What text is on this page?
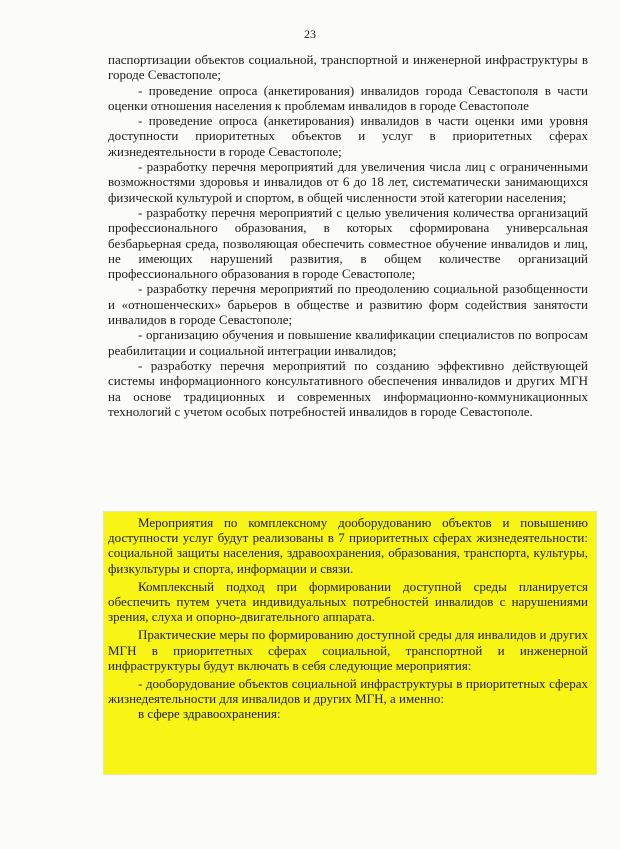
23

паспортизации объектов социальной, транспортной и инженерной инфраструктуры в городе Севастополе;

- проведение опроса (анкетирования) инвалидов города Севастополя в части оценки отношения населения к проблемам инвалидов в городе Севастополе

- проведение опроса (анкетирования) инвалидов в части оценки ими уровня доступности приоритетных объектов и услуг в приоритетных сферах жизнедеятельности в городе Севастополе;

- разработку перечня мероприятий для увеличения числа лиц с ограниченными возможностями здоровья и инвалидов от 6 до 18 лет, систематически занимающихся физической культурой и спортом, в общей численности этой категории населения;

- разработку перечня мероприятий с целью увеличения количества организаций профессионального образования, в которых сформирована универсальная безбарьерная среда, позволяющая обеспечить совместное обучение инвалидов и лиц, не имеющих нарушений развития, в общем количестве организаций профессионального образования в городе Севастополе;

- разработку перечня мероприятий по преодолению социальной разобщенности и «отношенческих» барьеров в обществе и развитию форм содействия занятости инвалидов в городе Севастополе;

- организацию обучения и повышение квалификации специалистов по вопросам реабилитации и социальной интеграции инвалидов;

- разработку перечня мероприятий по созданию эффективно действующей системы информационного консультативного обеспечения инвалидов и других МГН на основе традиционных и современных информационно-коммуникационных технологий с учетом особых потребностей инвалидов в городе Севастополе.

Мероприятия по комплексному дооборудованию объектов и повышению доступности услуг будут реализованы в 7 приоритетных сферах жизнедеятельности: социальной защиты населения, здравоохранения, образования, транспорта, культуры, физкультуры и спорта, информации и связи.

Комплексный подход при формировании доступной среды планируется обеспечить путем учета индивидуальных потребностей инвалидов с нарушениями зрения, слуха и опорно-двигательного аппарата.

Практические меры по формированию доступной среды для инвалидов и других МГН в приоритетных сферах социальной, транспортной и инженерной инфраструктуры будут включать в себя следующие мероприятия:

- дооборудование объектов социальной инфраструктуры в приоритетных сферах жизнедеятельности для инвалидов и других МГН, а именно:

в сфере здравоохранения:
